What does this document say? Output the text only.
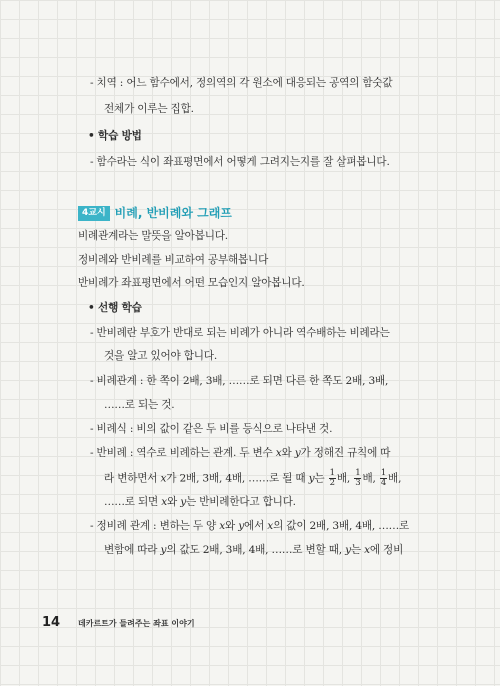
- 치역 : 어느 함수에서, 정의역의 각 원소에 대응되는 공역의 함숫값
전체가 이루는 집합.
• 학습 방법
- 함수라는 식이 좌표평면에서 어떻게 그려지는지를 잘 살펴봅니다.
4교시 비례, 반비례와 그래프
비례관계라는 말뜻을 알아봅니다.
정비례와 반비례를 비교하여 공부해봅니다
반비례가 좌표평면에서 어떤 모습인지 알아봅니다.
• 선행 학습
- 반비례란 부호가 반대로 되는 비례가 아니라 역수배하는 비례라는
것을 알고 있어야 합니다.
- 비례관계 : 한 쪽이 2배, 3배, ……로 되면 다른 한 쪽도 2배, 3배,
……로 되는 것.
- 비례식 : 비의 값이 같은 두 비를 등식으로 나타낸 것.
- 반비례 : 역수로 비례하는 관계. 두 변수 x와 y가 정해진 규칙에 따
라 변하면서 x가 2배, 3배, 4배, ……로 될 때 y는 $\frac{1}{2}$ 배, $\frac{1}{3}$ 배, $\frac{1}{4}$ 배,
……로 되면 x와 y는 반비례한다고 합니다.
- 정비례 관계 : 변하는 두 양 x와 y에서 x의 값이 2배, 3배, 4배, ……로
변함에 따라 y의 값도 2배, 3배, 4배, ……로 변할 때, y는 x에 정비
14 데카르트가 들려주는 좌표 이야기
